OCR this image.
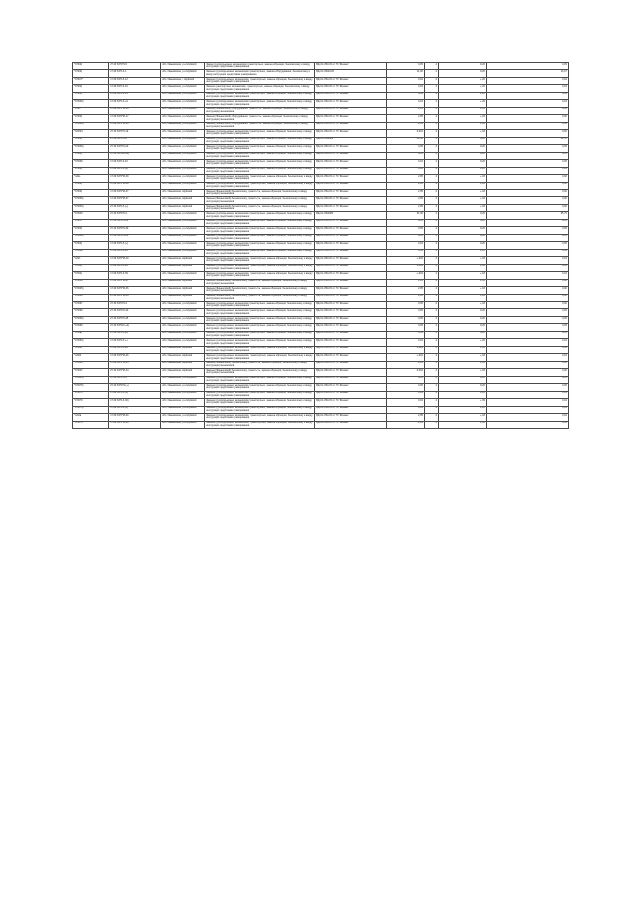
*070/0)	27.20 64*079-5	обл. Ивановская, р-н Шуйский	Закна грузоподъемных механизмов транспортных, замена образцов, бензоколонку и вводу инструкции средствами гравирования	ВД-10 обМ-15 от ГС 'Финанс'	0,05	4	9,20	0,05
*070/0)	17.09 64*0-б-1	обл. Ивановская, р-н Шуйский	Замена грузоподъемных механизмов транспортных, замена оборудования, бензоколонку и вводу инструкции средствами гравирования	ВД-10 обМ2-М2	11,00	4	9,20	13,07
*07407*	17.09 64*0-б-12	обл. Ивановская, г. Шуйский	Замена грузоподъемных механизмов, транспортных, замена образцов, бензоколонку и вводу инструкции средствами гравирования	ВД-10 обМ-15 от ГС 'Финанс'	0,04	4	+,20	0,04
*070/0)	17.09 64*0-б-16	обл. Ивановская, р-н Шуйский	Замена транспортных механизмов, транспортных, замена образцов, бензоколонку и вводу инструкции средствами гравирования	ВД-10 обМ-15 от ГС 'Финанс'	0,04	4	+,20	0,04
*070/0)	17.09 64*0-б-++	обл. Ивановская, р-н Шуйский	Замена грузоподъемных механизмов транспортных, замена образцов, бензоколонку и вводу инструкции средствами гравирования	ВД-10 обМ-15 от ГС 'Финанс'	0,04	4	+,20	0,04
*07/006)	17.09 64*0-б-+9	обл. Ивановская, р-н Шуйский	Замена грузоподъемных механизмов транспортных, замена образцов, бензоколонку и вводу инструкции средствами гравирования	ВД-10 обМ-15 от ГС 'Финанс'	0,04	4	+,20	0,04
*070/-	17.09 64*0*М-19	обл. Ивановская, р-н Шуйский	Замена (Финансовой) оборудования, трансп-сть, замена образцов, бензоколонку и вводу инструкции) механизмов	ВД-10 обМ-15 от ГС 'Финанс'	2,95	4	+,03	0,00
*070/0)	17.09 64*0*М-17	обл. Ивановская, р-н Шуйский	Замена (Финансовой) оборудования, трансп-сть, замена образцов, бензоколонку и вводу инструкции) механизмов	ВД-10 обМ-15 от ГС 'Финанс'	2,95	4	+,03	0,00
*07/009)	17.09 64*0*М-16	обл. Ивановская, р-н Шуйский	Замена (Финансовой) оборудования, трансп-сть, замена образцов, бензоколонку и вводу инструкции) механизмов	ВД-10 обМ-15 от ГС 'Финанс'	2,95	4	+,03	0,00
*02/004	27.20 64*079-19	обл. Ивановская, р-н Шуйский	Замена грузоподъемных механизмов транспортных, замена образцов, бензоколонку и вводу инструкции средствами гравирования	ВД-10 обМ-15 от ГС 'Финанс'	0,004	4	+,03	0,00
*070/0)	27.20 64*079-2	обл. Ивановская, р-н Шуйский	Замена грузоподъемных механизмов транспортных, замена образцов, бензоколонку и вводу инструкции средствами гравирования	ВД-10 обМ2М2	31,00	4	9,20	21,47
*07/009)	27.20 64*079-20	обл. Ивановская, р-н Шуйский	Замена грузоподъемных механизмов транспортных, замена образцов, бензоколонку и вводу инструкции средствами гравирования	ВД-10 обМ-15 от ГС 'Финанс'	0,05	4	9,20	0,05
*070/0)	27.20 64*010-22)	обл. Ивановская, р-н Шуйский	Замена грузоподъемных механизмов транспортных, замена образцов, бензоколонку и вводу инструкции средствами гравирования	ВД-10 обМ-15 от ГС 'Финанс'	0,05	4	9,20	0,05
*07/006	17.09 64*0-б-10	обл. Ивановская, р-н Шуйский	Замена грузоподъемных механизмов транспортных, замена образцов, бензоколонку и вводу инструкции средствами гравирования	ВД-10 обМ-10 от ГС 'Финанс'	0,04	4	9,20	0,05
*070/0)	17.09 64*0-б-(+)	обл. Ивановская, р-н Шуйский	Замена грузоподъемных механизмов транспортных, замена образцов, бензоколонку и вводу инструкции средствами гравирования	ВД-10 обМ-15 от ГС 'Финанс'	0,04	4	+,20	0,04
*о/0в-	17.09 64*0*М-39	обл. Ивановская, р-н Шуйский	Замена грузоподъемных механизмов, транспортных, замена образцов, бензоколонку и вводу инструкции средствами гравирования	ВД-10 обМ-15 от ГС 'Финанс'	2,95	4	+,03	0,00
*070/0)	17.09 64*0*М-39	обл. Ивановская, р-н Шуйский	Замена грузоподъемных механизмов, транспортных, замена образцов, бензоколонку и вводу инструкции средствами гравирования	ВД-10 обМ-15 от ГС 'Финанс'	2,95	4	+,03	0,00
*070/0)	17.09 64*0*М-37	обл. Ивановская, Шуйский	Замена (Финансовой) бензоколонку, трансп-сть, замена образцов, бензоколонку и вводу инструкции) механизмов	ВД-10 обМ-15 от ГС 'Финанс'	2,95	4	+,03	0,00
*07/005)	17.09 64*0*М-37	обл. Ивановская, Шуйский	Замена (Финансовой) бензоколонку, трансп-сть, замена образцов, бензоколонку и вводу инструкции) механизмов	ВД-10 обМ-15 от ГС 'Финанс'	2,95	4	+,03	0,00
*07/045)	27.20 64*0-б-(+)	обл. Ивановская, Шуйский	Замена (Финансовой) бензоколонку, трансп-сть, замена образцов, бензоколонку и вводу инструкции) механизмов	ВД-10 обМ-15 от ГС 'Финанс'	2,95	4	+,03	0,00
*07/045	27.20 64*079-2	обл. Ивановская, р-н Шуйский	Замена грузоподъемных механизмов транспортных, замена образцов, бензоколонку и вводу инструкции средствами гравирования	ВД-10 обМ2М2	31,00	4	9,20	65,75
*07047	27.20 64*079-32	обл. Ивановская, р-н Шуйский	Замена грузоподъемных механизмов транспортных, замена образцов, бензоколонку и вводу инструкции средствами гравирования	ВД-10 обМ-15 от ГС 'Финанс'	0,05	4	9,20	0,05
*070/0)	27.20 64*079-30	обл. Ивановская, р-н Шуйский	Замена грузоподъемных механизмов транспортных, замена образцов, бензоколонку и вводу инструкции средствами гравирования	ВД-10 обМ-15 от ГС 'Финанс'	0,05	4	9,20	0,05
*07/000)	27.20 64*079-29	обл. Ивановская, р-н Шуйский	Замена грузоподъемных механизмов транспортных, замена образцов, бензоколонку и вводу инструкции средствами гравирования	ВД-10 обМ-15 от ГС 'Финанс'	0,05	4	9,20	0,05
*070/0)	17.09 64*0-б-(+)	обл. Ивановская, р-н Шуйский	Замена грузоподъемных механизмов транспортных, замена образцов, бензоколонку и вводу инструкции средствами гравирования	ВД-10 обМ-10 от ГС 'Финанс'	0,04	4	9,20	0,05
*07/00р	17.09 64*0-б-16	обл. Ивановская, р-н Шуйский	Замена грузоподъемных механизмов транспортных, замена образцов, бензоколонку и вводу инструкции средствами гравирования	ВД-10 обМ-15 от ГС 'Финанс'	0,04	4	+,20	0,04
*о/00-	17.09 64*0*М-40	обл. Ивановская, Шуйский	Замена грузоподъемных механизмов, транспортных, замена образцов, бензоколонку и вводу инструкции средствами гравирования	ВД-10 обМ-15 от ГС 'Финанс'	+,004	4	+,03	0,04
*07/04)	17.09 64*0-б-40	обл. Ивановская, Шуйский	Замена грузоподъемных механизмов, транспортных, замена образцов, бензоколонку и вводу инструкции средствами гравирования	ВД-10 обМ-15 от ГС 'Финанс'	+,004	4	+,03	0,04
*07/02)	17.09 64*0-б-39	обл. Ивановская, р-н Шуйский	Замена грузоподъемных механизмов, транспортных, замена образцов, бензоколонку и вводу инструкции средствами гравирования	ВД-10 обМ-15 от ГС 'Финанс'	+,004	4	+,03	0,04
*07/004	17.09 64*0*М-37	обл. Ивановская, Шуйский	Замена (Финансовой) бензоколонку, трансп-сть, замена образцов, бензоколонку и вводу инструкции) механизмов	ВД-10 обМ-15 от ГС 'Финанс'	2,95	4	+,03	0,00
*07/045)	17.09 64*0*М-36	обл. Ивановская, Шуйский	Замена (Финансовой) бензоколонку, трансп-сть, замена образцов, бензоколонку и вводу инструкции) механизмов	ВД-10 обМ-15 от ГС 'Финанс'	2,95	4	+,03	0,00
*07/040	27.20 64*0*М-36	обл. Ивановская, Шуйский	Замена (Финансовой) бензоколонку, трансп-сть, замена образцов, бензоколонку и вводу инструкции) механизмов	ВД-10 обМ-15 от ГС 'Финанс'	2,95	4	+,03	0,00
*07/067	27.20 64*079-4	обл. Ивановская, р-н Шуйский	Замена грузоподъемных механизмов транспортных, замена образцов, бензоколонку и вводу инструкции средствами гравирования	ВД-10 обМ-15 от ГС 'Финанс'	0,05	4	+,03	0,00
*07/060	27.20 64*079-40	обл. Ивановская, р-н Шуйский	Замена грузоподъемных механизмов транспортных, замена образцов, бензоколонку и вводу инструкции средствами гравирования	ВД-10 обМ-15 от ГС 'Финанс'	0,05	4	9,20	0,05
*07/006)	27.20 64*079-45	обл. Ивановская, р-н Шуйский	Замена грузоподъемных механизмов транспортных, замена образцов, бензоколонку и вводу инструкции средствами гравирования	ВД-10 обМ-15 от ГС 'Финанс'	0,05	4	9,20	0,05
*07/060	27.20 64*010-+2)	обл. Ивановская, р-н Шуйский	Замена грузоподъемных механизмов транспортных, замена образцов, бензоколонку и вводу инструкции средствами гравирования	ВД-10 обМ-15 от ГС 'Финанс'	0,05	4	9,20	0,05
*07/0в)	27.20 64*0-б-(0)	обл. Ивановская, р-н Шуйский	Замена грузоподъемных механизмов транспортных, замена образцов, бензоколонку и вводу инструкции средствами гравирования	ВД-10 обМ-10 от ГС 'Финанс'	0,04	4	9,20	0,05
*07/060)	17.09 64*0-б-++	обл. Ивановская, р-н Шуйский	Замена грузоподъемных механизмов транспортных, замена образцов, бензоколонку и вводу инструкции средствами гравирования	ВД-10 обМ-15 от ГС 'Финанс'	0,04	4	+,20	0,04
*07/02)	17.09 64*0-б-46	обл. Ивановская, Шуйский	Замена грузоподъемных механизмов, транспортных, замена образцов, бензоколонку и вводу инструкции средствами гравирования	ВД-10 обМ-15 от ГС 'Финанс'	+,004	4	+,03	0,04
*о/004	17.09 64*0*М-46	обл. Ивановская, Шуйский	Замена грузоподъемных механизмов, транспортных, замена образцов, бензоколонку и вводу инструкции средствами гравирования	ВД-10 обМ-15 от ГС 'Финанс'	+,004	4	+,03	0,04
*07/046	17.09 64*0*М-45	обл. Ивановская, Шуйский	Замена (Финансовой) бензоколонку, трансп-сть, замена образцов, бензоколонку и вводу инструкции) механизмов	ВД-10 обМ-15 от ГС 'Финанс'	2,95	4	+,03	0,00
*07/007	27.20 64*0*М-44	обл. Ивановская, Шуйский	Замена (Финансовой) бензоколонку, трансп-сть, замена образцов, бензоколонку и вводу инструкции) механизмов	ВД-10 обМ-15 от ГС 'Финанс'	0,004	4	+,03	0,00
*07/005)	27.20 64*079-5	обл. Ивановская, р-н Шуйский	Замена грузоподъемных механизмов транспортных, замена образцов, бензоколонку и вводу инструкции средствами гравирования	ВД-10 обМ-15 от ГС 'Финанс'	0,05	4	9,20	0,05
*07/075)	27.20 64*079-(+)	обл. Ивановская, р-н Шуйский	Замена грузоподъемных механизмов транспортных, замена образцов, бензоколонку и вводу инструкции средствами гравирования	ВД-10 обМ-15 от ГС 'Финанс'	0,05	4	9,20	0,05
*07/071	17.09 64*0-б-(+)	обл. Ивановская, р-н Шуйский	Замена грузоподъемных механизмов транспортных, замена образцов, бензоколонку и вводу инструкции средствами гравирования	ВД-10 обМ-15 от ГС 'Финанс'	0,04	4	+,20	0,04
*07/070	17.09 64*0-б-30)	обл. Ивановская, р-н Шуйский	Замена грузоподъемных механизмов транспортных, замена образцов, бензоколонку и вводу инструкции средствами гравирования	ВД-10 обМ-15 от ГС 'Финанс'	0,04	4	+,39	0,04
*07/075)	17.09 64*0-б-(+)	обл. Ивановская, р-н Шуйский	Замена грузоподъемных механизмов транспортных, замена образцов, бензоколонку и вводу инструкции средствами гравирования	ВД-10 обМ-15 от ГС 'Финанс'	0,04	4	+,20	0,04
*о/02в	17.09 64*0*М-39	обл. Ивановская, р-н Шуйский	Замена грузоподъемных механизмов, транспортных, замена образцов, бензоколонку и вводу инструкции средствами гравирования	ВД-10 обМ-15 от ГС 'Финанс'	2,95	4	+,03	0,04
*07/075	17.09 64*0*М-39	обл. Ивановская, р-н Шуйский	Замена грузоподъемных механизмов, транспортных, замена образцов, бензоколонку и вводу инструкции средствами гравирования	ВД-10 обМ-15 от ГС 'Финанс'	2,95	4	+,03	0,04
